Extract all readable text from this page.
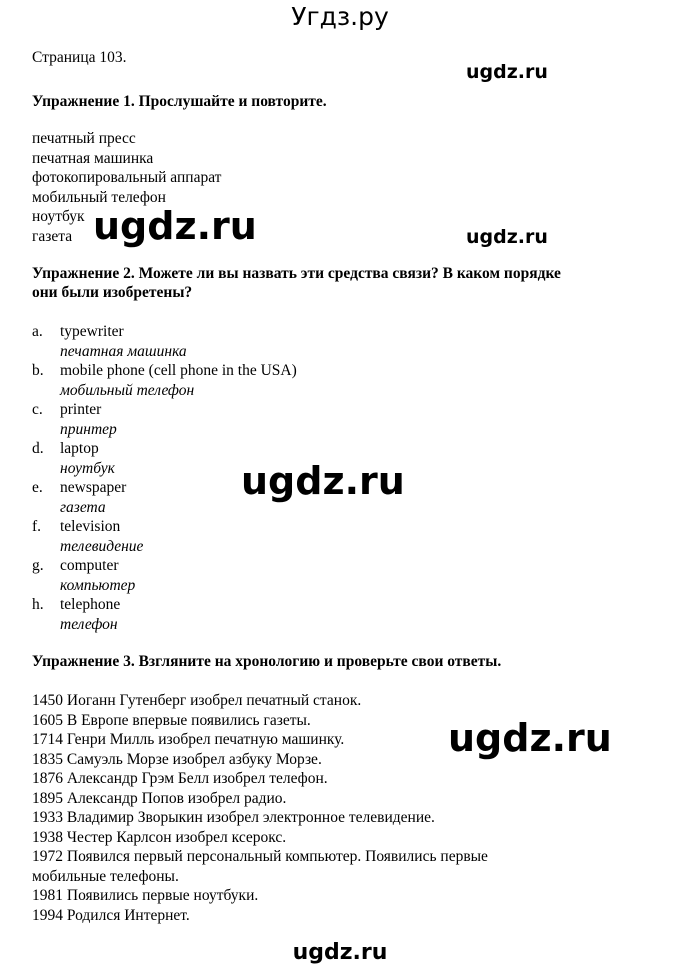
Угдз.ру
Страница 103.
ugdz.ru
Упражнение 1. Прослушайте и повторите.
печатный пресс
печатная машинка
фотокопировальный аппарат
мобильный телефон
ноутбук
газета ugdz.ru	ugdz.ru
Упражнение 2. Можете ли вы назвать эти средства связи? В каком порядке
они были изобретены?
a.	typewriter
печатная машинка
b.	mobile phone (cell phone in the USA)
мобильный телефон
c.	printer
принтер
d.	laptop
ноутбук
e.	newspaper
газета
f.	television
телевидение
g.	computer
компьютер
h.	telephone
телефон
ugdz.ru
Упражнение 3. Взгляните на хронологию и проверьте свои ответы.
1450 Иоганн Гутенберг изобрел печатный станок.
1605 В Европе впервые появились газеты.
1714 Генри Милль изобрел печатную машинку.
1835 Самуэль Морзе изобрел азбуку Морзе.
1876 Александр Грэм Белл изобрел телефон.
1895 Александр Попов изобрел радио.
1933 Владимир Зворыкин изобрел электронное телевидение.
1938 Честер Карлсон изобрел ксерокс.
1972 Появился первый персональный компьютер. Появились первые
мобильные телефоны.
1981 Появились первые ноутбуки.
1994 Родился Интернет.
ugdz.ru
ugdz.ru
